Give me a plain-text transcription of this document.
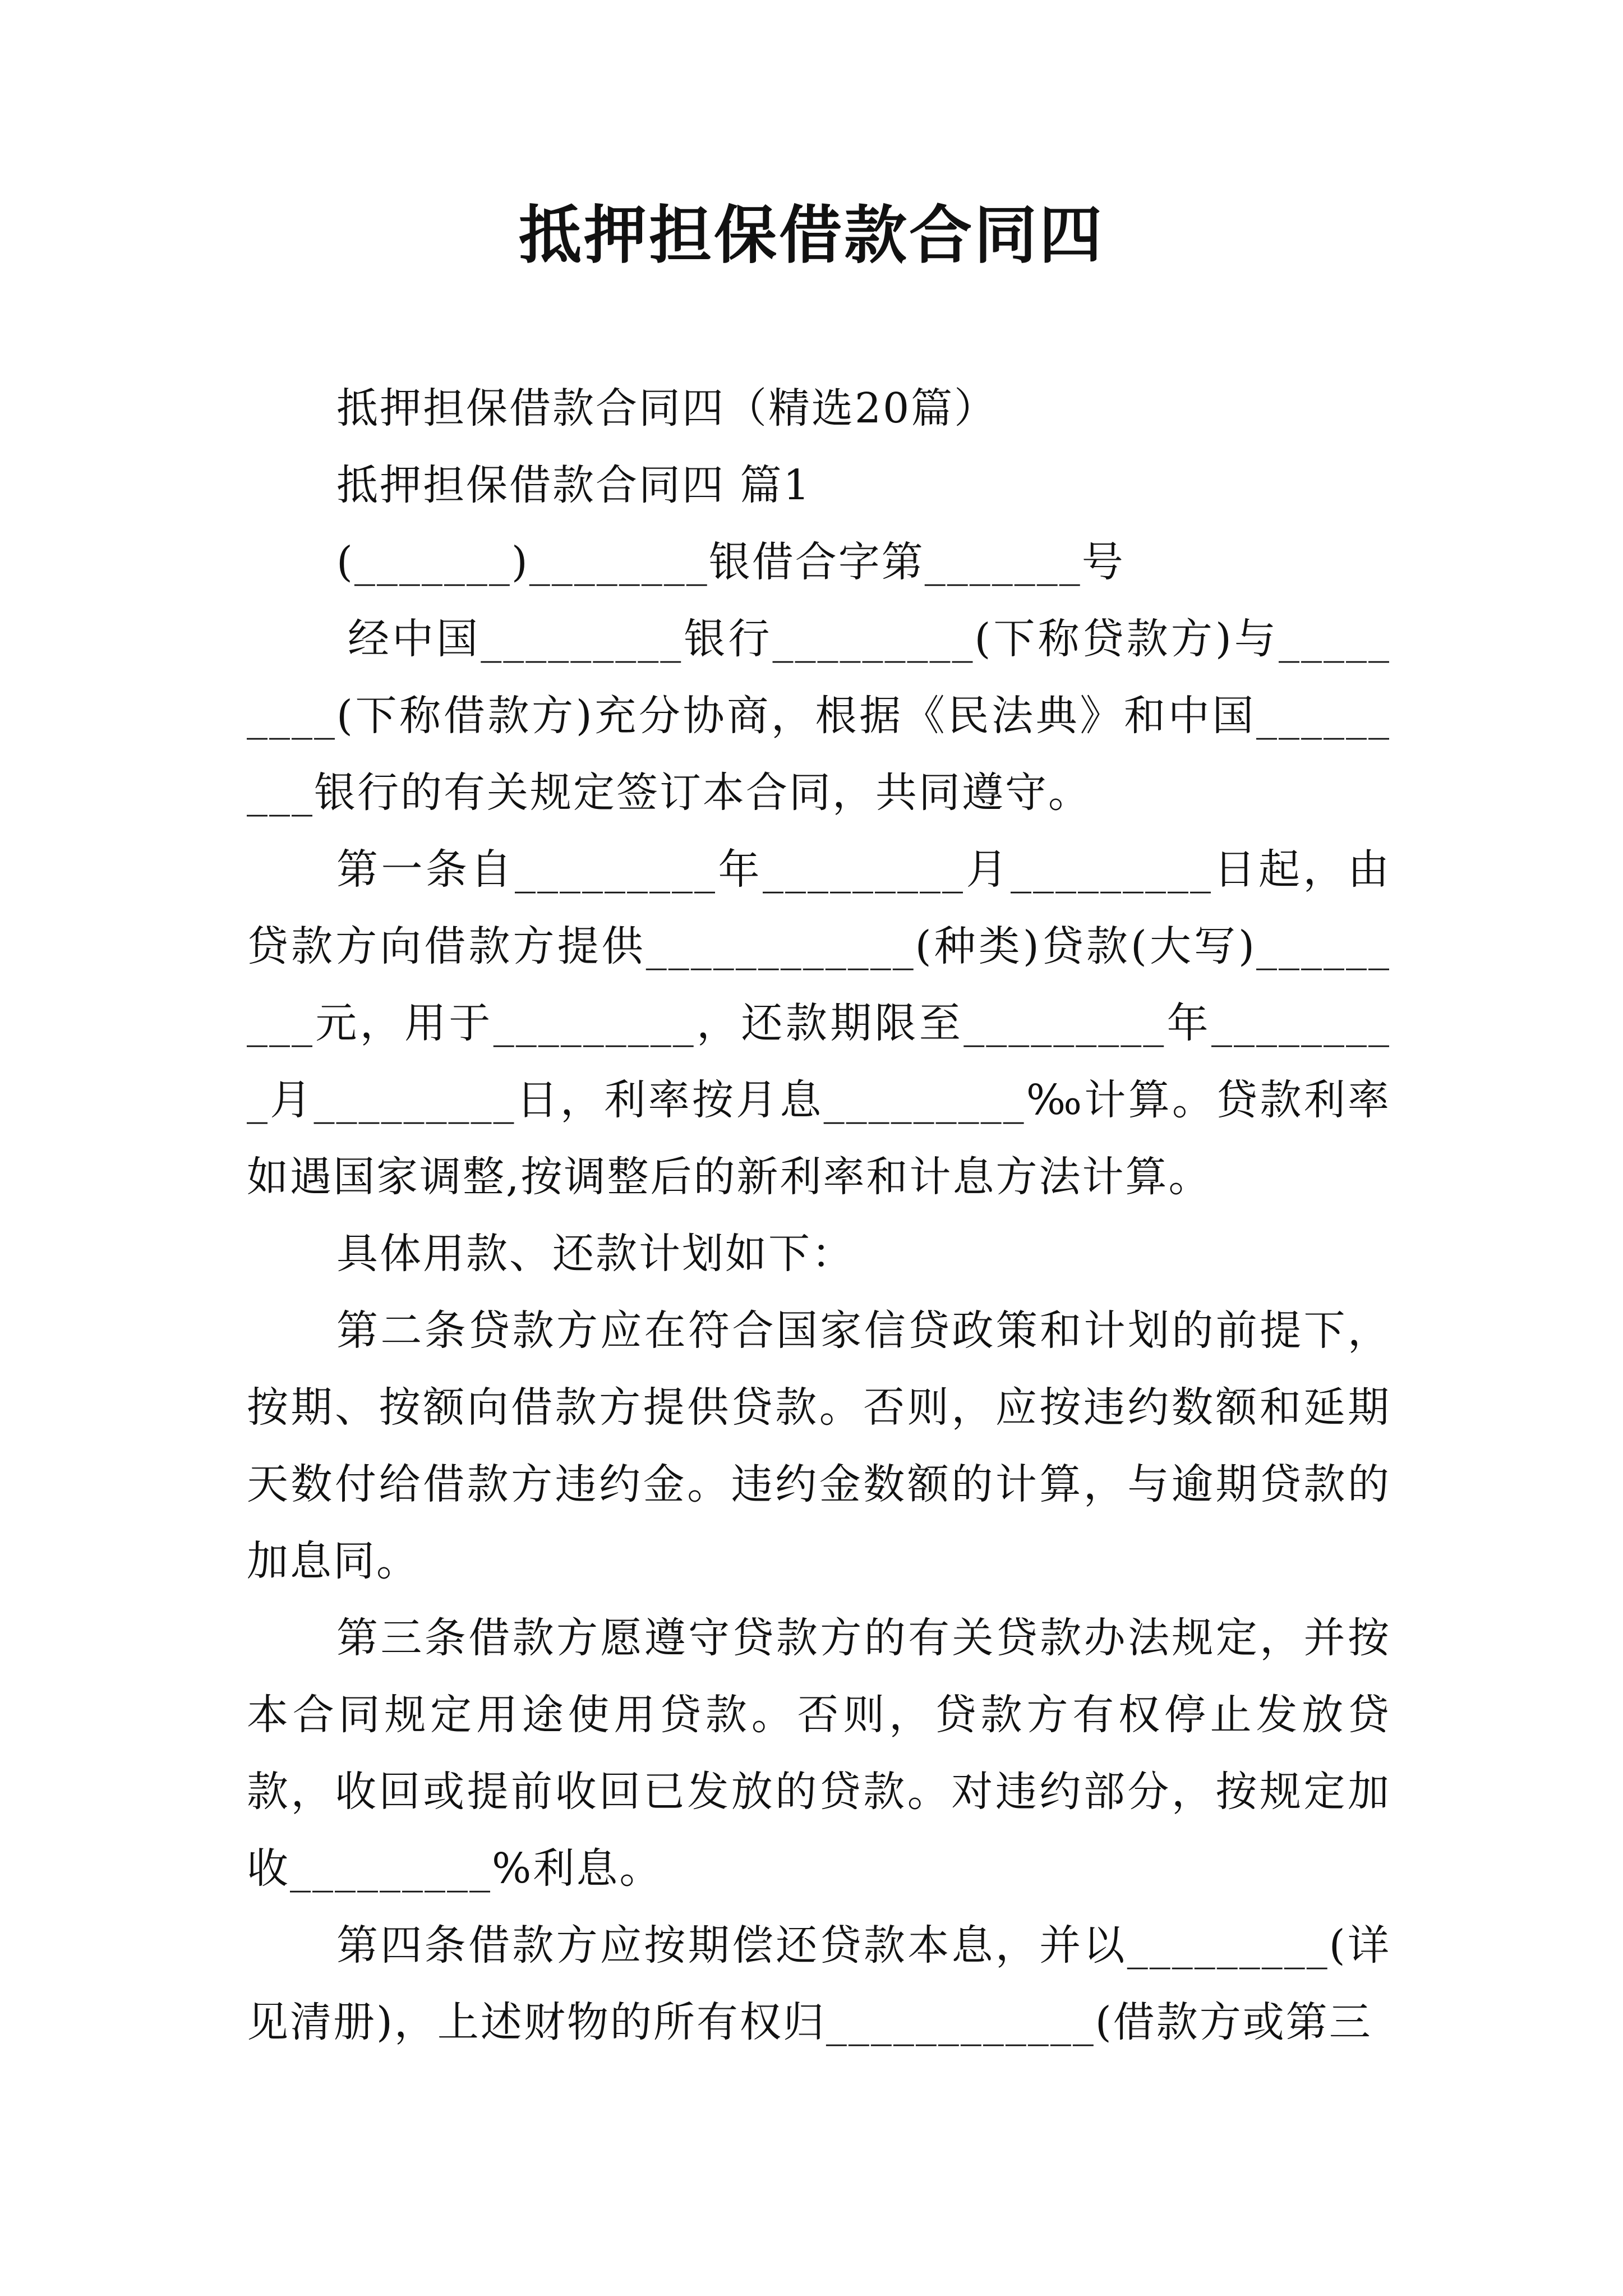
抵押担保借款合同四

抵押担保借款合同四（精选20篇）

抵押担保借款合同四 篇1

(_______)________银借合字第_______号

经中国_________银行_________(下称贷款方)与_________(下称借款方)充分协商，根据《民法典》和中国_________银行的有关规定签订本合同，共同遵守。

第一条自_________年_________月_________日起，由贷款方向借款方提供____________(种类)贷款(大写)_________元，用于_________，还款期限至_________年_________月_________日，利率按月息_________‰计算。贷款利率如遇国家调整,按调整后的新利率和计息方法计算。

具体用款、还款计划如下：

第二条贷款方应在符合国家信贷政策和计划的前提下，按期、按额向借款方提供贷款。否则，应按违约数额和延期天数付给借款方违约金。违约金数额的计算，与逾期贷款的加息同。

第三条借款方愿遵守贷款方的有关贷款办法规定，并按本合同规定用途使用贷款。否则，贷款方有权停止发放贷款，收回或提前收回已发放的贷款。对违约部分，按规定加收_________%利息。

第四条借款方应按期偿还贷款本息，并以_________(详见清册)，上述财物的所有权归____________(借款方或第三
